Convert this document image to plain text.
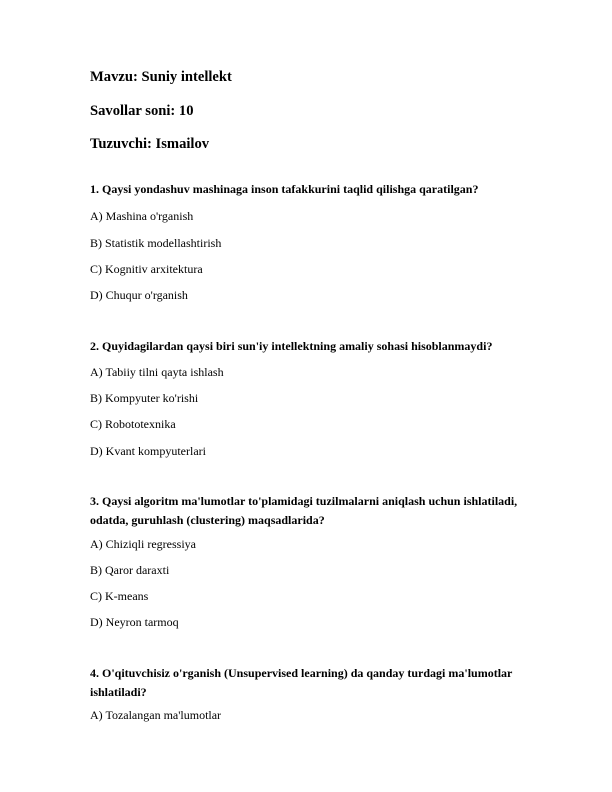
Mavzu: Suniy intellekt
Savollar soni: 10
Tuzuvchi: Ismailov
1. Qaysi yondashuv mashinaga inson tafakkurini taqlid qilishga qaratilgan?
A) Mashina o'rganish
B) Statistik modellashtirish
C) Kognitiv arxitektura
D) Chuqur o'rganish
2. Quyidagilardan qaysi biri sun'iy intellektning amaliy sohasi hisoblanmaydi?
A) Tabiiy tilni qayta ishlash
B) Kompyuter ko'rishi
C) Robototexnika
D) Kvant kompyuterlari
3. Qaysi algoritm ma'lumotlar to'plamidagi tuzilmalarni aniqlash uchun ishlatiladi, odatda, guruhlash (clustering) maqsadlarida?
A) Chiziqli regressiya
B) Qaror daraxti
C) K-means
D) Neyron tarmoq
4. O'qituvchisiz o'rganish (Unsupervised learning) da qanday turdagi ma'lumotlar ishlatiladi?
A) Tozalangan ma'lumotlar
